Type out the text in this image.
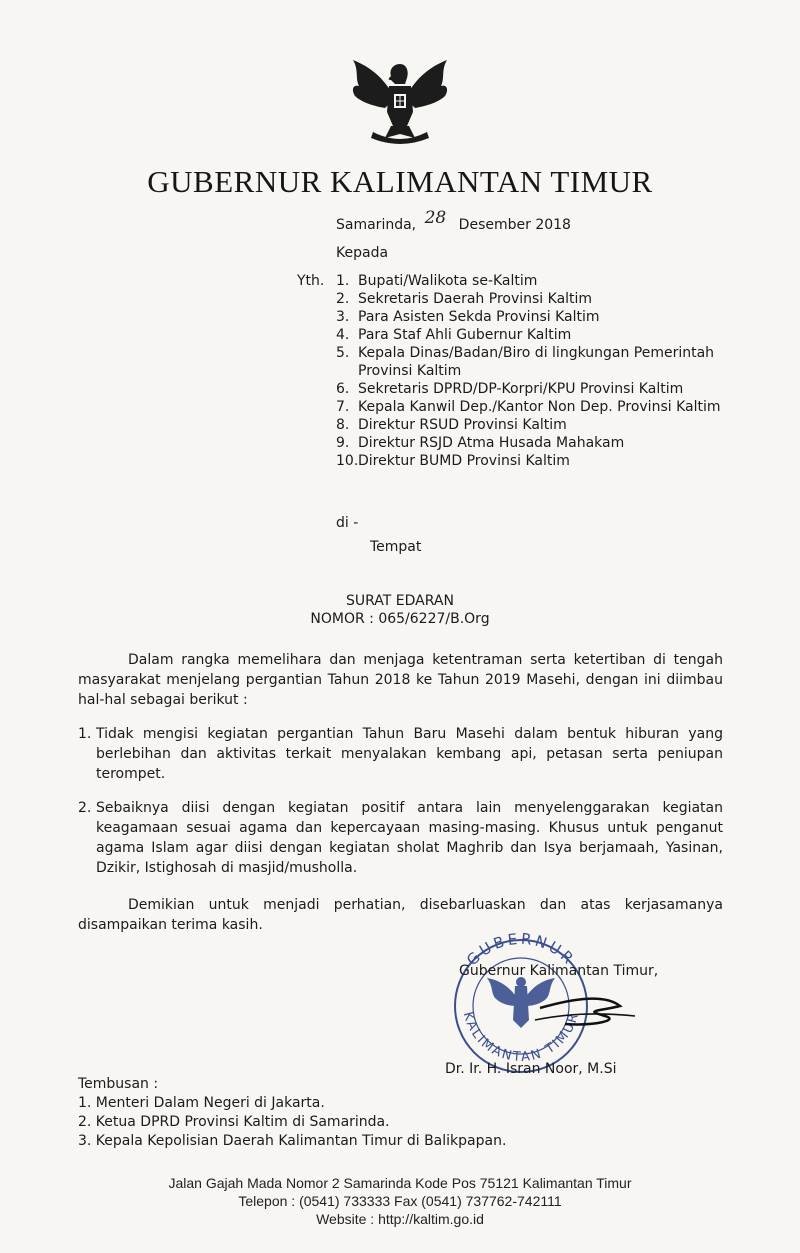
GUBERNUR KALIMANTAN TIMUR
Samarinda, 28 Desember 2018
Kepada
Yth. 1. Bupati/Walikota se-Kaltim
2. Sekretaris Daerah Provinsi Kaltim
3. Para Asisten Sekda Provinsi Kaltim
4. Para Staf Ahli Gubernur Kaltim
5. Kepala Dinas/Badan/Biro di lingkungan Pemerintah Provinsi Kaltim
6. Sekretaris DPRD/DP-Korpri/KPU Provinsi Kaltim
7. Kepala Kanwil Dep./Kantor Non Dep. Provinsi Kaltim
8. Direktur RSUD Provinsi Kaltim
9. Direktur RSJD Atma Husada Mahakam
10. Direktur BUMD Provinsi Kaltim
di -
Tempat
SURAT EDARAN
NOMOR : 065/6227/B.Org
Dalam rangka memelihara dan menjaga ketentraman serta ketertiban di tengah masyarakat menjelang pergantian Tahun 2018 ke Tahun 2019 Masehi, dengan ini diimbau hal-hal sebagai berikut :
1. Tidak mengisi kegiatan pergantian Tahun Baru Masehi dalam bentuk hiburan yang berlebihan dan aktivitas terkait menyalakan kembang api, petasan serta peniupan terompet.
2. Sebaiknya diisi dengan kegiatan positif antara lain menyelenggarakan kegiatan keagamaan sesuai agama dan kepercayaan masing-masing. Khusus untuk penganut agama Islam agar diisi dengan kegiatan sholat Maghrib dan Isya berjamaah, Yasinan, Dzikir, Istighosah di masjid/musholla.
Demikian untuk menjadi perhatian, disebarluaskan dan atas kerjasamanya disampaikan terima kasih.
GUBERNUR
KALIMANTAN TIMUR
Gubernur Kalimantan Timur,
Dr. Ir. H. Isran Noor, M.Si
Tembusan :
1. Menteri Dalam Negeri di Jakarta.
2. Ketua DPRD Provinsi Kaltim di Samarinda.
3. Kepala Kepolisian Daerah Kalimantan Timur di Balikpapan.
Jalan Gajah Mada Nomor 2 Samarinda Kode Pos 75121 Kalimantan Timur
Telepon : (0541) 733333 Fax (0541) 737762-742111
Website : http://kaltim.go.id
